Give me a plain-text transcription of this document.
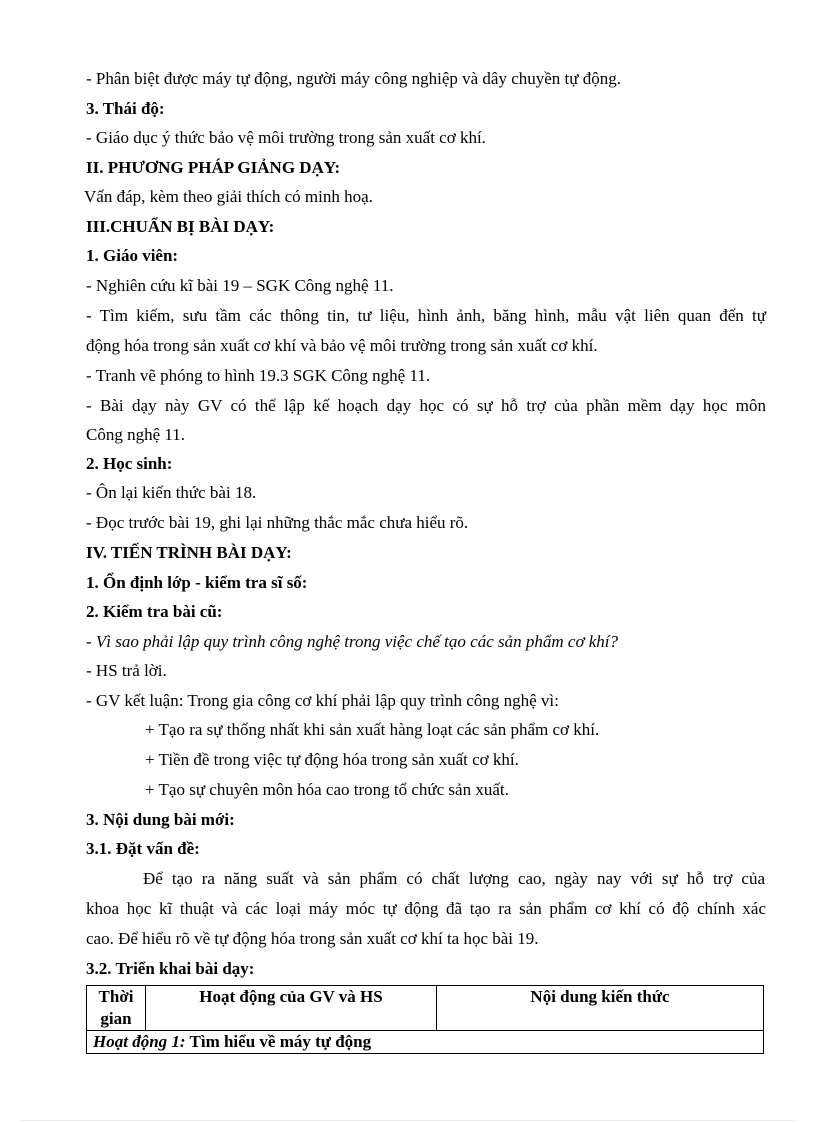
- Phân biệt được máy tự động, người máy công nghiệp và dây chuyền tự động.
3. Thái độ:
- Giáo dục ý thức bảo vệ môi trường trong sản xuất cơ khí.
II. PHƯƠNG PHÁP GIẢNG DẠY:
Vấn đáp, kèm theo giải thích có minh hoạ.
III.CHUẨN BỊ BÀI DẠY:
1. Giáo viên:
- Nghiên cứu kĩ bài 19 – SGK Công nghệ 11.
- Tìm kiếm, sưu tầm các thông tin, tư liệu, hình ảnh, băng hình, mẫu vật liên quan đến tự
động hóa trong sản xuất cơ khí và bảo vệ môi trường trong sản xuất cơ khí.
- Tranh vẽ phóng to hình 19.3 SGK Công nghệ 11.
- Bài dạy này GV có thể lập kế hoạch dạy học có sự hỗ trợ của phần mềm dạy học môn
Công nghệ 11.
2. Học sinh:
- Ôn lại kiến thức bài 18.
- Đọc trước bài 19, ghi lại những thắc mắc chưa hiểu rõ.
IV. TIẾN TRÌNH BÀI DẠY:
1. Ổn định lớp - kiểm tra sĩ số:
2. Kiểm tra bài cũ:
- Vì sao phải lập quy trình công nghệ trong việc chế tạo các sản phẩm cơ khí?
- HS trả lời.
- GV kết luận: Trong gia công cơ khí phải lập quy trình công nghệ vì:
+ Tạo ra sự thống nhất khi sản xuất hàng loạt các sản phẩm cơ khí.
+ Tiền đề trong việc tự động hóa trong sản xuất cơ khí.
+ Tạo sự chuyên môn hóa cao trong tổ chức sản xuất.
3. Nội dung bài mới:
3.1. Đặt vấn đề:
Để tạo ra năng suất và sản phẩm có chất lượng cao, ngày nay với sự hỗ trợ của
khoa học kĩ thuật và các loại máy móc tự động đã tạo ra sản phẩm cơ khí có độ chính xác
cao. Để hiểu rõ về tự động hóa trong sản xuất cơ khí ta học bài 19.
3.2. Triển khai bài dạy:
Thời gian	Hoạt động của GV và HS	Nội dung kiến thức
Hoạt động 1: Tìm hiểu về máy tự động
